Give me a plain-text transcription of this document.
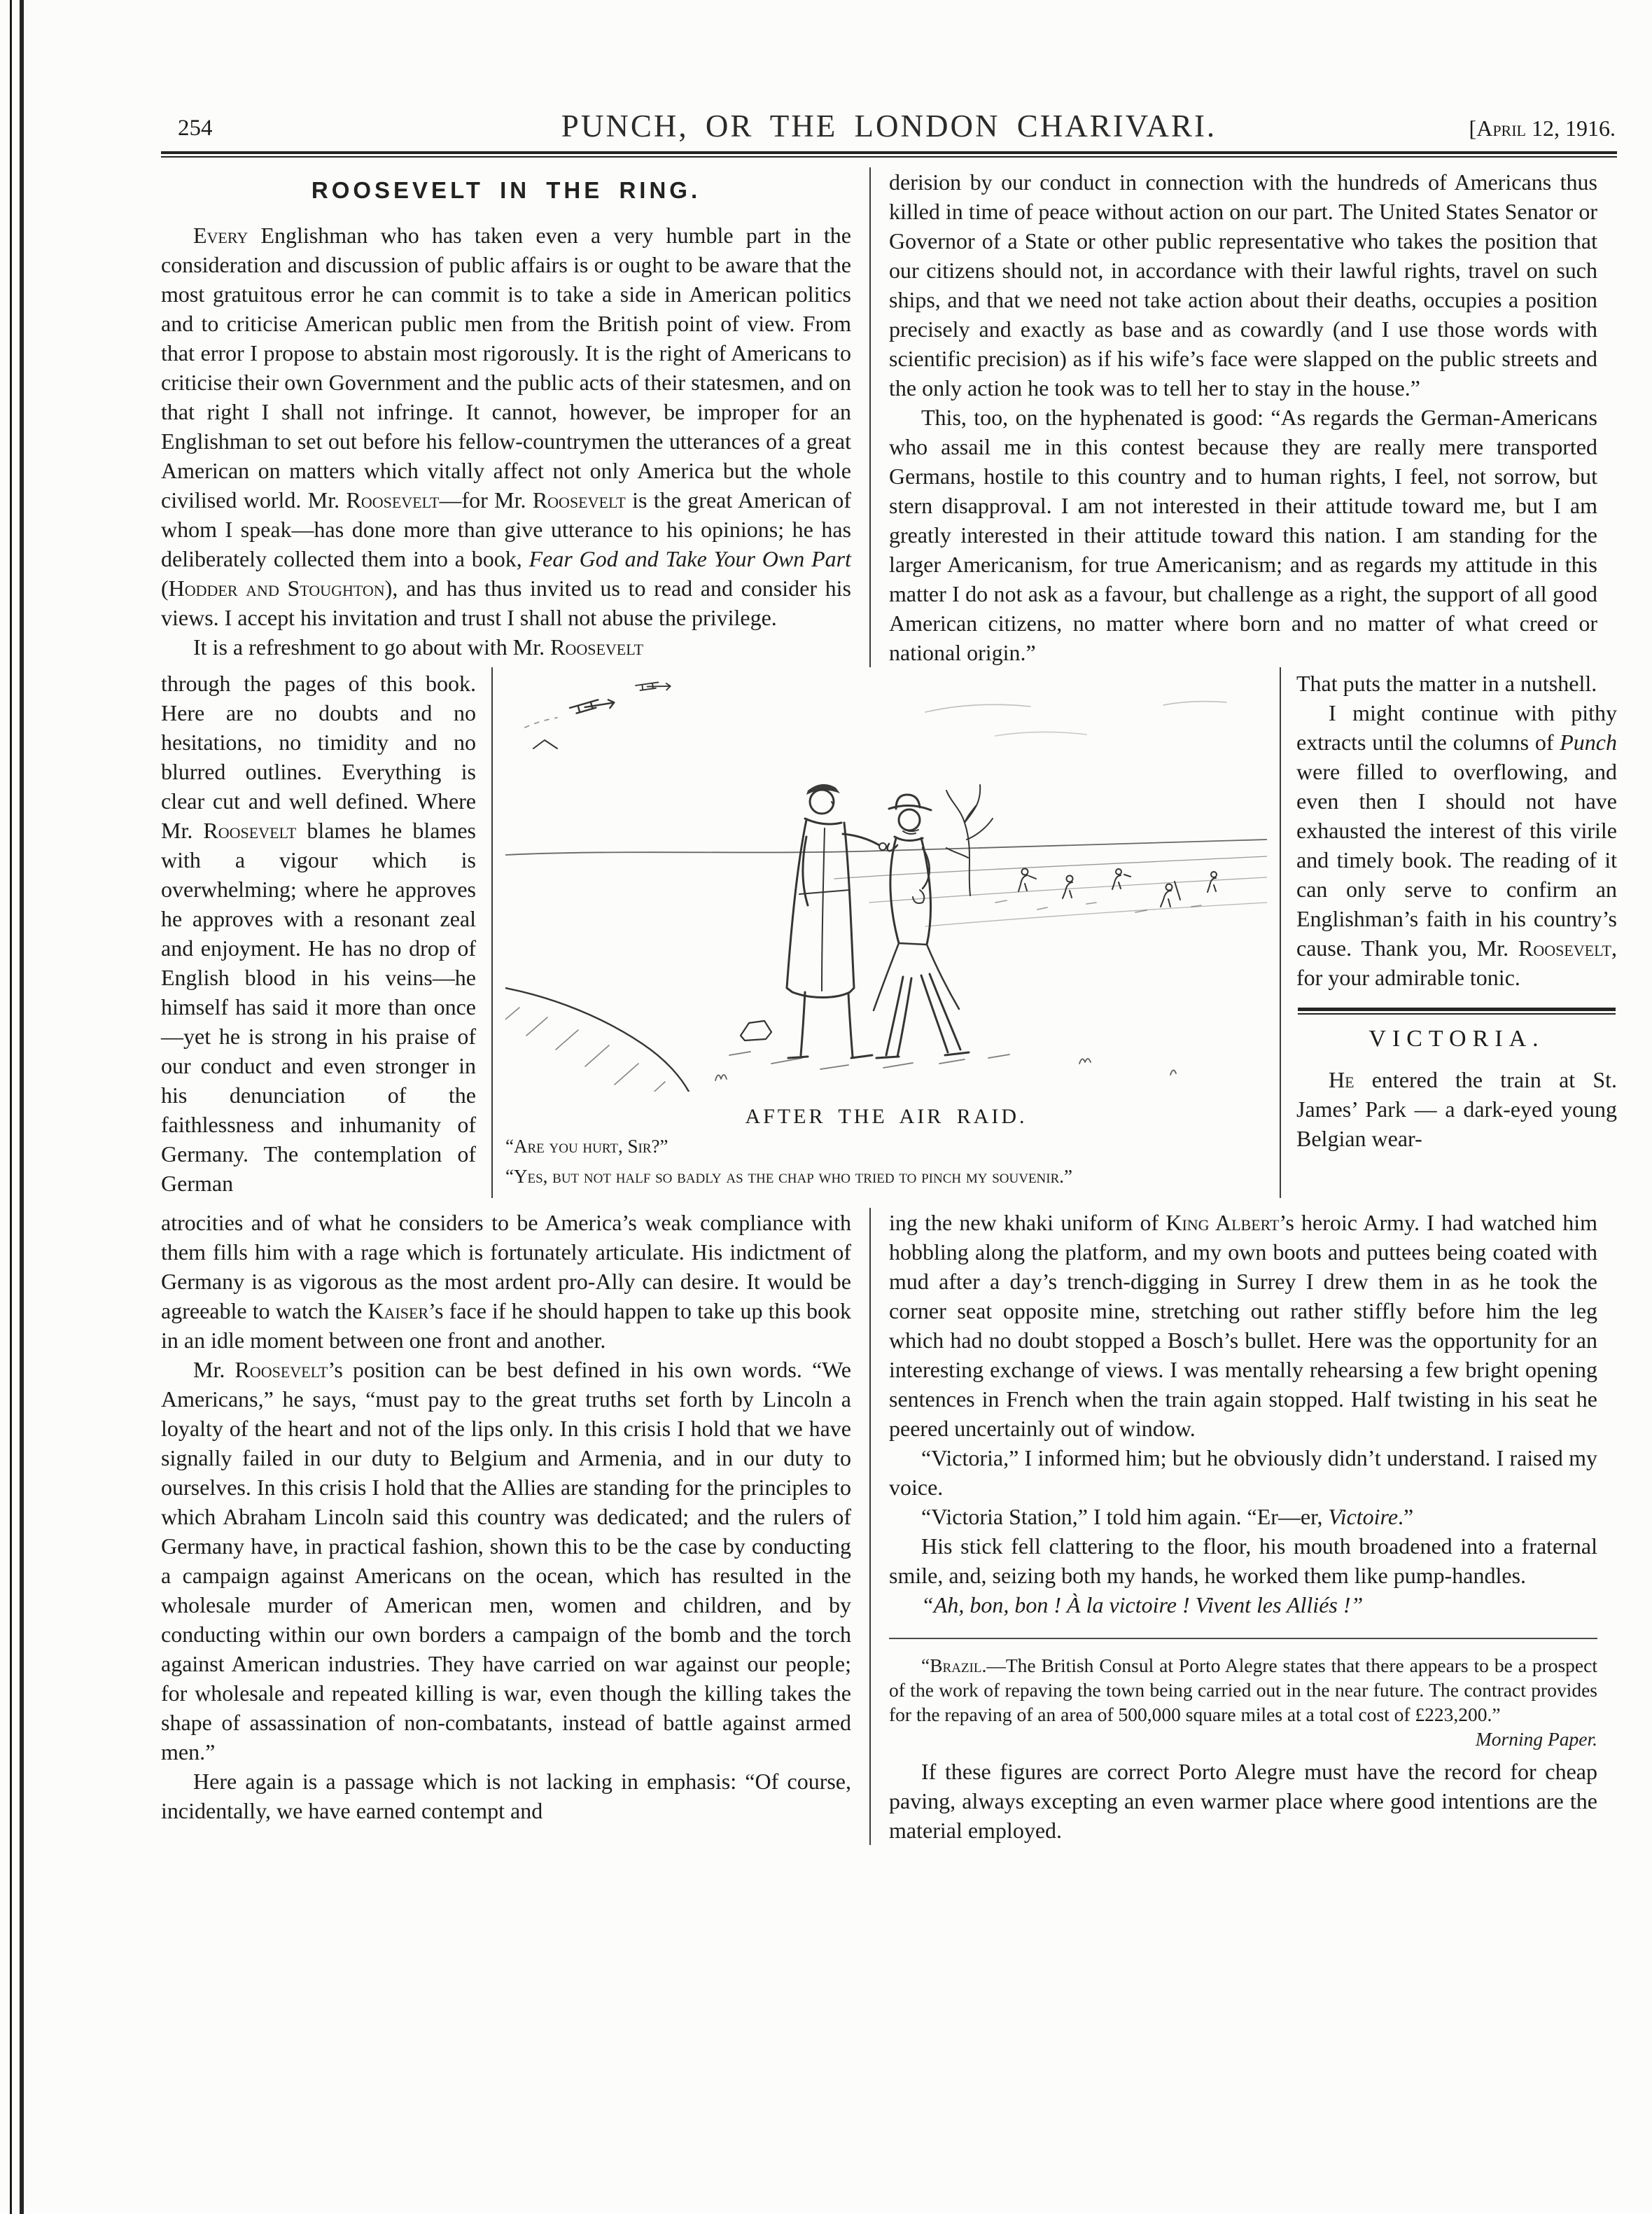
254	PUNCH, OR THE LONDON CHARIVARI.	[April 12, 1916.
ROOSEVELT IN THE RING.

Every Englishman who has taken even a very humble part in the consideration and discussion of public affairs is or ought to be aware that the most gratuitous error he can commit is to take a side in American politics and to criticise American public men from the British point of view. From that error I propose to abstain most rigorously. It is the right of Americans to criticise their own Government and the public acts of their statesmen, and on that right I shall not infringe. It cannot, however, be improper for an Englishman to set out before his fellow-countrymen the utterances of a great American on matters which vitally affect not only America but the whole civilised world. Mr. Roosevelt—for Mr. Roosevelt is the great American of whom I speak—has done more than give utterance to his opinions; he has deliberately collected them into a book, Fear God and Take Your Own Part (Hodder and Stoughton), and has thus invited us to read and consider his views. I accept his invitation and trust I shall not abuse the privilege.

It is a refreshment to go about with Mr. Roosevelt

derision by our conduct in connection with the hundreds of Americans thus killed in time of peace without action on our part. The United States Senator or Governor of a State or other public representative who takes the position that our citizens should not, in accordance with their lawful rights, travel on such ships, and that we need not take action about their deaths, occupies a position precisely and exactly as base and as cowardly (and I use those words with scientific precision) as if his wife’s face were slapped on the public streets and the only action he took was to tell her to stay in the house.”

This, too, on the hyphenated is good: “As regards the German-Americans who assail me in this contest because they are really mere transported Germans, hostile to this country and to human rights, I feel, not sorrow, but stern disapproval. I am not interested in their attitude toward me, but I am greatly interested in their attitude toward this nation. I am standing for the larger Americanism, for true Americanism; and as regards my attitude in this matter I do not ask as a favour, but challenge as a right, the support of all good American citizens, no matter where born and no matter of what creed or national origin.”

through the pages of this book. Here are no doubts and no hesitations, no timidity and no blurred outlines. Everything is clear cut and well defined. Where Mr. Roosevelt blames he blames with a vigour which is overwhelming; where he approves he approves with a resonant zeal and enjoyment. He has no drop of English blood in his veins—he himself has said it more than once—yet he is strong in his praise of our conduct and even stronger in his denunciation of the faithlessness and inhumanity of Germany. The contemplation of German

AFTER THE AIR RAID.

“Are you hurt, Sir?”

“Yes, but not half so badly as the chap who tried to pinch my souvenir.”

That puts the matter in a nutshell.

I might continue with pithy extracts until the columns of Punch were filled to overflowing, and even then I should not have exhausted the interest of this virile and timely book. The reading of it can only serve to confirm an Englishman’s faith in his country’s cause. Thank you, Mr. Roosevelt, for your admirable tonic.

VICTORIA.

He entered the train at St. James’ Park — a dark-eyed young Belgian wear-

atrocities and of what he considers to be America’s weak compliance with them fills him with a rage which is fortunately articulate. His indictment of Germany is as vigorous as the most ardent pro-Ally can desire. It would be agreeable to watch the Kaiser’s face if he should happen to take up this book in an idle moment between one front and another.

Mr. Roosevelt’s position can be best defined in his own words. “We Americans,” he says, “must pay to the great truths set forth by Lincoln a loyalty of the heart and not of the lips only. In this crisis I hold that we have signally failed in our duty to Belgium and Armenia, and in our duty to ourselves. In this crisis I hold that the Allies are standing for the principles to which Abraham Lincoln said this country was dedicated; and the rulers of Germany have, in practical fashion, shown this to be the case by conducting a campaign against Americans on the ocean, which has resulted in the wholesale murder of American men, women and children, and by conducting within our own borders a campaign of the bomb and the torch against American industries. They have carried on war against our people; for wholesale and repeated killing is war, even though the killing takes the shape of assassination of non-combatants, instead of battle against armed men.”

Here again is a passage which is not lacking in emphasis: “Of course, incidentally, we have earned contempt and

ing the new khaki uniform of King Albert’s heroic Army. I had watched him hobbling along the platform, and my own boots and puttees being coated with mud after a day’s trench-digging in Surrey I drew them in as he took the corner seat opposite mine, stretching out rather stiffly before him the leg which had no doubt stopped a Bosch’s bullet. Here was the opportunity for an interesting exchange of views. I was mentally rehearsing a few bright opening sentences in French when the train again stopped. Half twisting in his seat he peered uncertainly out of window.

“Victoria,” I informed him; but he obviously didn’t understand. I raised my voice.

“Victoria Station,” I told him again. “Er—er, Victoire.”

His stick fell clattering to the floor, his mouth broadened into a fraternal smile, and, seizing both my hands, he worked them like pump-handles.

“Ah, bon, bon ! À la victoire ! Vivent les Alliés !”

“Brazil.—The British Consul at Porto Alegre states that there appears to be a prospect of the work of repaving the town being carried out in the near future. The contract provides for the repaving of an area of 500,000 square miles at a total cost of £223,200.”

Morning Paper.

If these figures are correct Porto Alegre must have the record for cheap paving, always excepting an even warmer place where good intentions are the material employed.
